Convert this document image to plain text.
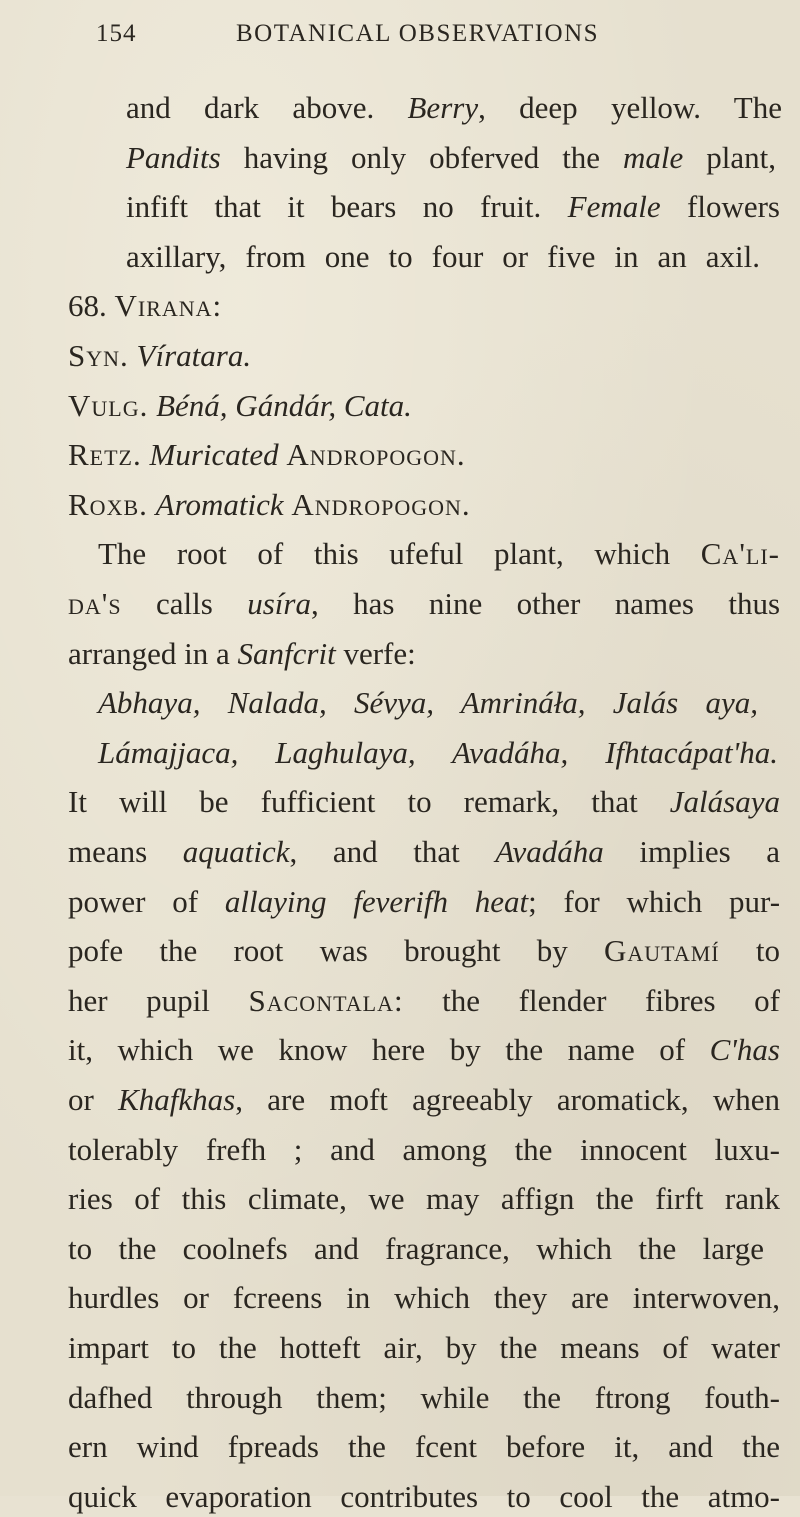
154	BOTANICAL OBSERVATIONS
and dark above. Berry, deep yellow. The
Pandits having only obferved the male plant,
infift that it bears no fruit. Female flowers
axillary, from one to four or five in an axil.
68. Virana:
Syn. Víratara.
Vulg. Béná, Gándár, Cata.
Retz. Muricated Andropogon.
Roxb. Aromatick Andropogon.
The root of this ufeful plant, which Ca'li-
da's calls usíra, has nine other names thus
arranged in a Sanfcrit verfe:
Abhaya, Nalada, Sévya, Amrináła, Jalás aya,
Lámajjaca, Laghulaya, Avadáha, Ifhtacápat'ha.
It will be fufficient to remark, that Jalásaya
means aquatick, and that Avadáha implies a
power of allaying feverifh heat; for which pur-
pofe the root was brought by Gautamí to
her pupil Sacontala: the flender fibres of
it, which we know here by the name of C'has
or Khafkhas, are moft agreeably aromatick, when
tolerably frefh ; and among the innocent luxu-
ries of this climate, we may affign the firft rank
to the coolnefs and fragrance, which the large
hurdles or fcreens in which they are interwoven,
impart to the hotteft air, by the means of water
dafhed through them; while the ftrong fouth-
ern wind fpreads the fcent before it, and the
quick evaporation contributes to cool the atmo-
